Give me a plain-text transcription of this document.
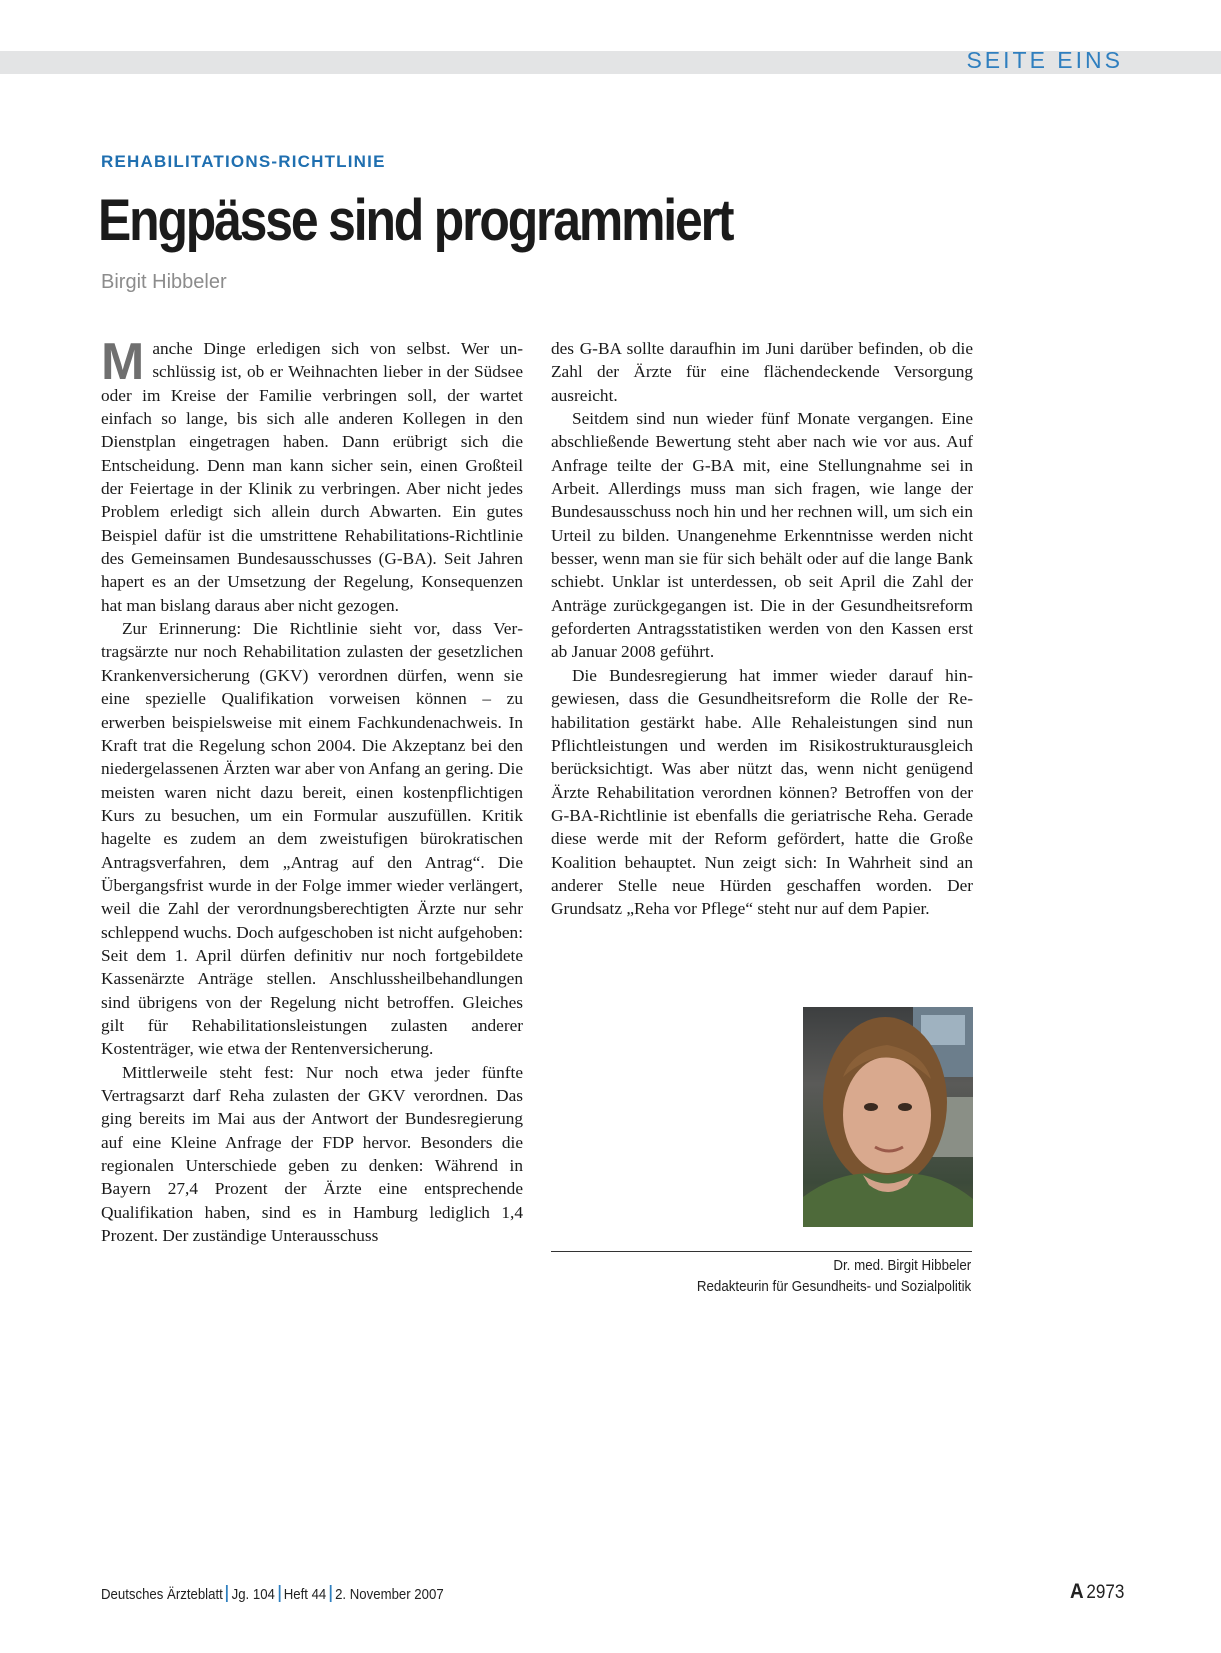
SEITE EINS
REHABILITATIONS-RICHTLINIE
Engpässe sind programmiert
Birgit Hibbeler

Manche Dinge erledigen sich von selbst. Wer unschlüssig ist, ob er Weihnachten lieber in der Südsee oder im Kreise der Familie verbringen soll, der wartet einfach so lange, bis sich alle anderen Kollegen in den Dienstplan eingetragen haben. Dann erübrigt sich die Entscheidung. Denn man kann sicher sein, einen Großteil der Feiertage in der Klinik zu verbringen. Aber nicht jedes Problem erledigt sich allein durch Abwarten. Ein gutes Beispiel dafür ist die umstrittene Rehabilitations-Richtlinie des Gemeinsamen Bundesausschusses (G-BA). Seit Jahren hapert es an der Umsetzung der Regelung, Konsequenzen hat man bislang daraus aber nicht gezogen.

Zur Erinnerung: Die Richtlinie sieht vor, dass Vertragsärzte nur noch Rehabilitation zulasten der gesetzlichen Krankenversicherung (GKV) verordnen dürfen, wenn sie eine spezielle Qualifikation vorweisen können – zu erwerben beispielsweise mit einem Fachkundenachweis. In Kraft trat die Regelung schon 2004. Die Akzeptanz bei den niedergelassenen Ärzten war aber von Anfang an gering. Die meisten waren nicht dazu bereit, einen kostenpflichtigen Kurs zu besuchen, um ein Formular auszufüllen. Kritik hagelte es zudem an dem zweistufigen bürokratischen Antragsverfahren, dem „Antrag auf den Antrag“. Die Übergangsfrist wurde in der Folge immer wieder verlängert, weil die Zahl der verordnungsberechtigten Ärzte nur sehr schleppend wuchs. Doch aufgeschoben ist nicht aufgehoben: Seit dem 1. April dürfen definitiv nur noch fortgebildete Kassenärzte Anträge stellen. Anschlussheilbehandlungen sind übrigens von der Regelung nicht betroffen. Gleiches gilt für Rehabilitationsleistungen zulasten anderer Kostenträger, wie etwa der Rentenversicherung.

Mittlerweile steht fest: Nur noch etwa jeder fünfte Vertragsarzt darf Reha zulasten der GKV verordnen. Das ging bereits im Mai aus der Antwort der Bundesregierung auf eine Kleine Anfrage der FDP hervor. Besonders die regionalen Unterschiede geben zu denken: Während in Bayern 27,4 Prozent der Ärzte eine entsprechende Qualifikation haben, sind es in Hamburg lediglich 1,4 Prozent. Der zuständige Unterausschuss

des G-BA sollte daraufhin im Juni darüber befinden, ob die Zahl der Ärzte für eine flächendeckende Versorgung ausreicht.

Seitdem sind nun wieder fünf Monate vergangen. Eine abschließende Bewertung steht aber nach wie vor aus. Auf Anfrage teilte der G-BA mit, eine Stellungnahme sei in Arbeit. Allerdings muss man sich fragen, wie lange der Bundesausschuss noch hin und her rechnen will, um sich ein Urteil zu bilden. Unangenehme Erkenntnisse werden nicht besser, wenn man sie für sich behält oder auf die lange Bank schiebt. Unklar ist unterdessen, ob seit April die Zahl der Anträge zurückgegangen ist. Die in der Gesundheitsreform geforderten Antragsstatistiken werden von den Kassen erst ab Januar 2008 geführt.

Die Bundesregierung hat immer wieder darauf hingewiesen, dass die Gesundheitsreform die Rolle der Rehabilitation gestärkt habe. Alle Rehaleistungen sind nun Pflichtleistungen und werden im Risikostrukturausgleich berücksichtigt. Was aber nützt das, wenn nicht genügend Ärzte Rehabilitation verordnen können? Betroffen von der G-BA-Richtlinie ist ebenfalls die geriatrische Reha. Gerade diese werde mit der Reform gefördert, hatte die Große Koalition behauptet. Nun zeigt sich: In Wahrheit sind an anderer Stelle neue Hürden geschaffen worden. Der Grundsatz „Reha vor Pflege“ steht nur auf dem Papier.

Dr. med. Birgit Hibbeler
Redakteurin für Gesundheits- und Sozialpolitik
Deutsches Ärzteblatt Jg. 104 Heft 44 2. November 2007	A 2973
